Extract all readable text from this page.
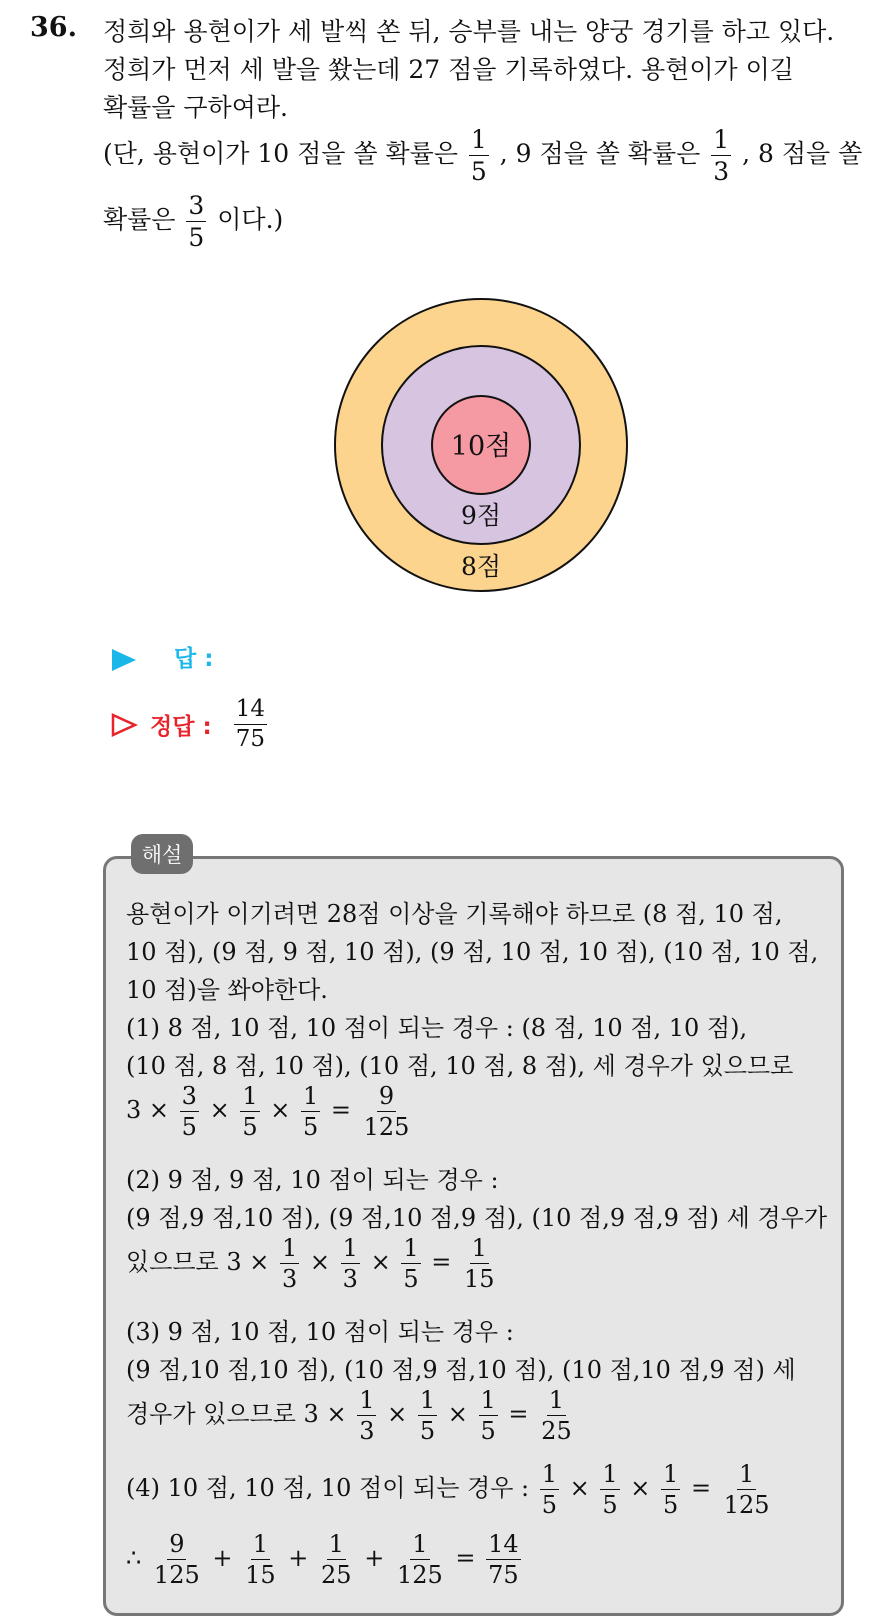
36. 정희와 용현이가 세 발씩 쏜 뒤, 승부를 내는 양궁 경기를 하고 있다.
정희가 먼저 세 발을 쐈는데 27 점을 기록하였다. 용현이가 이길
확률을 구하여라.
(단, 용현이가 10 점을 쏠 확률은 $\frac{1}{5}$ , 9 점을 쏠 확률은 $\frac{1}{3}$ , 8 점을 쏠
확률은 $\frac{3}{5}$ 이다.)
10점
9점
8점
답 :
정답 : $\frac{14}{75}$
해설
용현이가 이기려면 28점 이상을 기록해야 하므로 (8 점, 10 점,
10 점), (9 점, 9 점, 10 점), (9 점, 10 점, 10 점), (10 점, 10 점,
10 점)을 쏴야한다.
(1) 8 점, 10 점, 10 점이 되는 경우 : (8 점, 10 점, 10 점),
(10 점, 8 점, 10 점), (10 점, 10 점, 8 점), 세 경우가 있으므로
$3 \times \frac{3}{5} \times \frac{1}{5} \times \frac{1}{5} = \frac{9}{125}$
(2) 9 점, 9 점, 10 점이 되는 경우 :
(9 점,9 점,10 점), (9 점,10 점,9 점), (10 점,9 점,9 점) 세 경우가
있으므로 $3 \times \frac{1}{3} \times \frac{1}{3} \times \frac{1}{5} = \frac{1}{15}$
(3) 9 점, 10 점, 10 점이 되는 경우 :
(9 점,10 점,10 점), (10 점,9 점,10 점), (10 점,10 점,9 점) 세
경우가 있으므로 $3 \times \frac{1}{3} \times \frac{1}{5} \times \frac{1}{5} = \frac{1}{25}$
(4) 10 점, 10 점, 10 점이 되는 경우 : $\frac{1}{5} \times \frac{1}{5} \times \frac{1}{5} = \frac{1}{125}$
∴ $\frac{9}{125} + \frac{1}{15} + \frac{1}{25} + \frac{1}{125} = \frac{14}{75}$
